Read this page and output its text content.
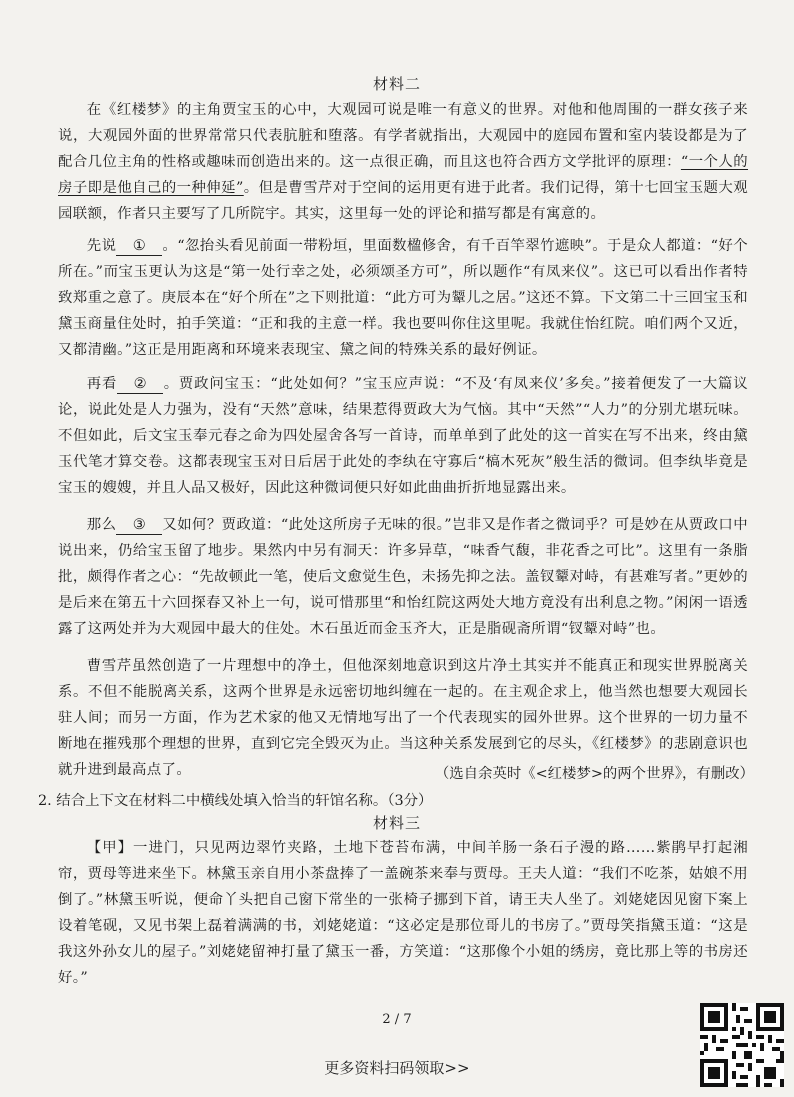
材料二
在《红楼梦》的主角贾宝玉的心中，大观园可说是唯一有意义的世界。对他和他周围的一群女孩子来说，大观园外面的世界常常只代表肮脏和堕落。有学者就指出，大观园中的庭园布置和室内装设都是为了配合几位主角的性格或趣味而创造出来的。这一点很正确，而且这也符合西方文学批评的原理：“一个人的房子即是他自己的一种伸延”。但是曹雪芹对于空间的运用更有进于此者。我们记得，第十七回宝玉题大观园联额，作者只主要写了几所院宇。其实，这里每一处的评论和描写都是有寓意的。
先说 ① 。“忽抬头看见前面一带粉垣，里面数楹修舍，有千百竿翠竹遮映”。于是众人都道：“好个所在。”而宝玉更认为这是“第一处行幸之处，必须颂圣方可”，所以题作“有凤来仪”。这已可以看出作者特致郑重之意了。庚辰本在“好个所在”之下则批道：“此方可为颦儿之居。”这还不算。下文第二十三回宝玉和黛玉商量住处时，拍手笑道：“正和我的主意一样。我也要叫你住这里呢。我就住怡红院。咱们两个又近，又都清幽。”这正是用距离和环境来表现宝、黛之间的特殊关系的最好例证。
再看 ② 。贾政问宝玉：“此处如何？”宝玉应声说：“不及‘有凤来仪’多矣。”接着便发了一大篇议论，说此处是人力强为，没有“天然”意味，结果惹得贾政大为气恼。其中“天然”“人力”的分别尤堪玩味。不但如此，后文宝玉奉元春之命为四处屋舍各写一首诗，而单单到了此处的这一首实在写不出来，终由黛玉代笔才算交卷。这都表现宝玉对日后居于此处的李纨在守寡后“槁木死灰”般生活的微词。但李纨毕竟是宝玉的嫂嫂，并且人品又极好，因此这种微词便只好如此曲曲折折地显露出来。
那么 ③ 又如何？贾政道：“此处这所房子无味的很。”岂非又是作者之微词乎？可是妙在从贾政口中说出来，仍给宝玉留了地步。果然内中另有洞天：许多异草，“味香气馥，非花香之可比”。这里有一条脂批，颇得作者之心：“先故顿此一笔，使后文愈觉生色，未扬先抑之法。盖钗颦对峙，有甚难写者。”更妙的是后来在第五十六回探春又补上一句，说可惜那里“和怡红院这两处大地方竟没有出利息之物。”闲闲一语透露了这两处并为大观园中最大的住处。木石虽近而金玉齐大，正是脂砚斋所谓“钗颦对峙”也。
曹雪芹虽然创造了一片理想中的净土，但他深刻地意识到这片净土其实并不能真正和现实世界脱离关系。不但不能脱离关系，这两个世界是永远密切地纠缠在一起的。在主观企求上，他当然也想要大观园长驻人间；而另一方面，作为艺术家的他又无情地写出了一个代表现实的园外世界。这个世界的一切力量不断地在摧残那个理想的世界，直到它完全毁灭为止。当这种关系发展到它的尽头，《红楼梦》的悲剧意识也就升进到最高点了。	（选自余英时《<红楼梦>的两个世界》，有删改）
2. 结合上下文在材料二中横线处填入恰当的轩馆名称。（3分）
材料三
【甲】一进门，只见两边翠竹夹路，土地下苍苔布满，中间羊肠一条石子漫的路……紫鹃早打起湘帘，贾母等进来坐下。林黛玉亲自用小茶盘捧了一盖碗茶来奉与贾母。王夫人道：“我们不吃茶，姑娘不用倒了。”林黛玉听说，便命丫头把自己窗下常坐的一张椅子挪到下首，请王夫人坐了。刘姥姥因见窗下案上设着笔砚，又见书架上磊着满满的书，刘姥姥道：“这必定是那位哥儿的书房了。”贾母笑指黛玉道：“这是我这外孙女儿的屋子。”刘姥姥留神打量了黛玉一番，方笑道：“这那像个小姐的绣房，竟比那上等的书房还好。”
2 / 7
更多资料扫码领取>>
